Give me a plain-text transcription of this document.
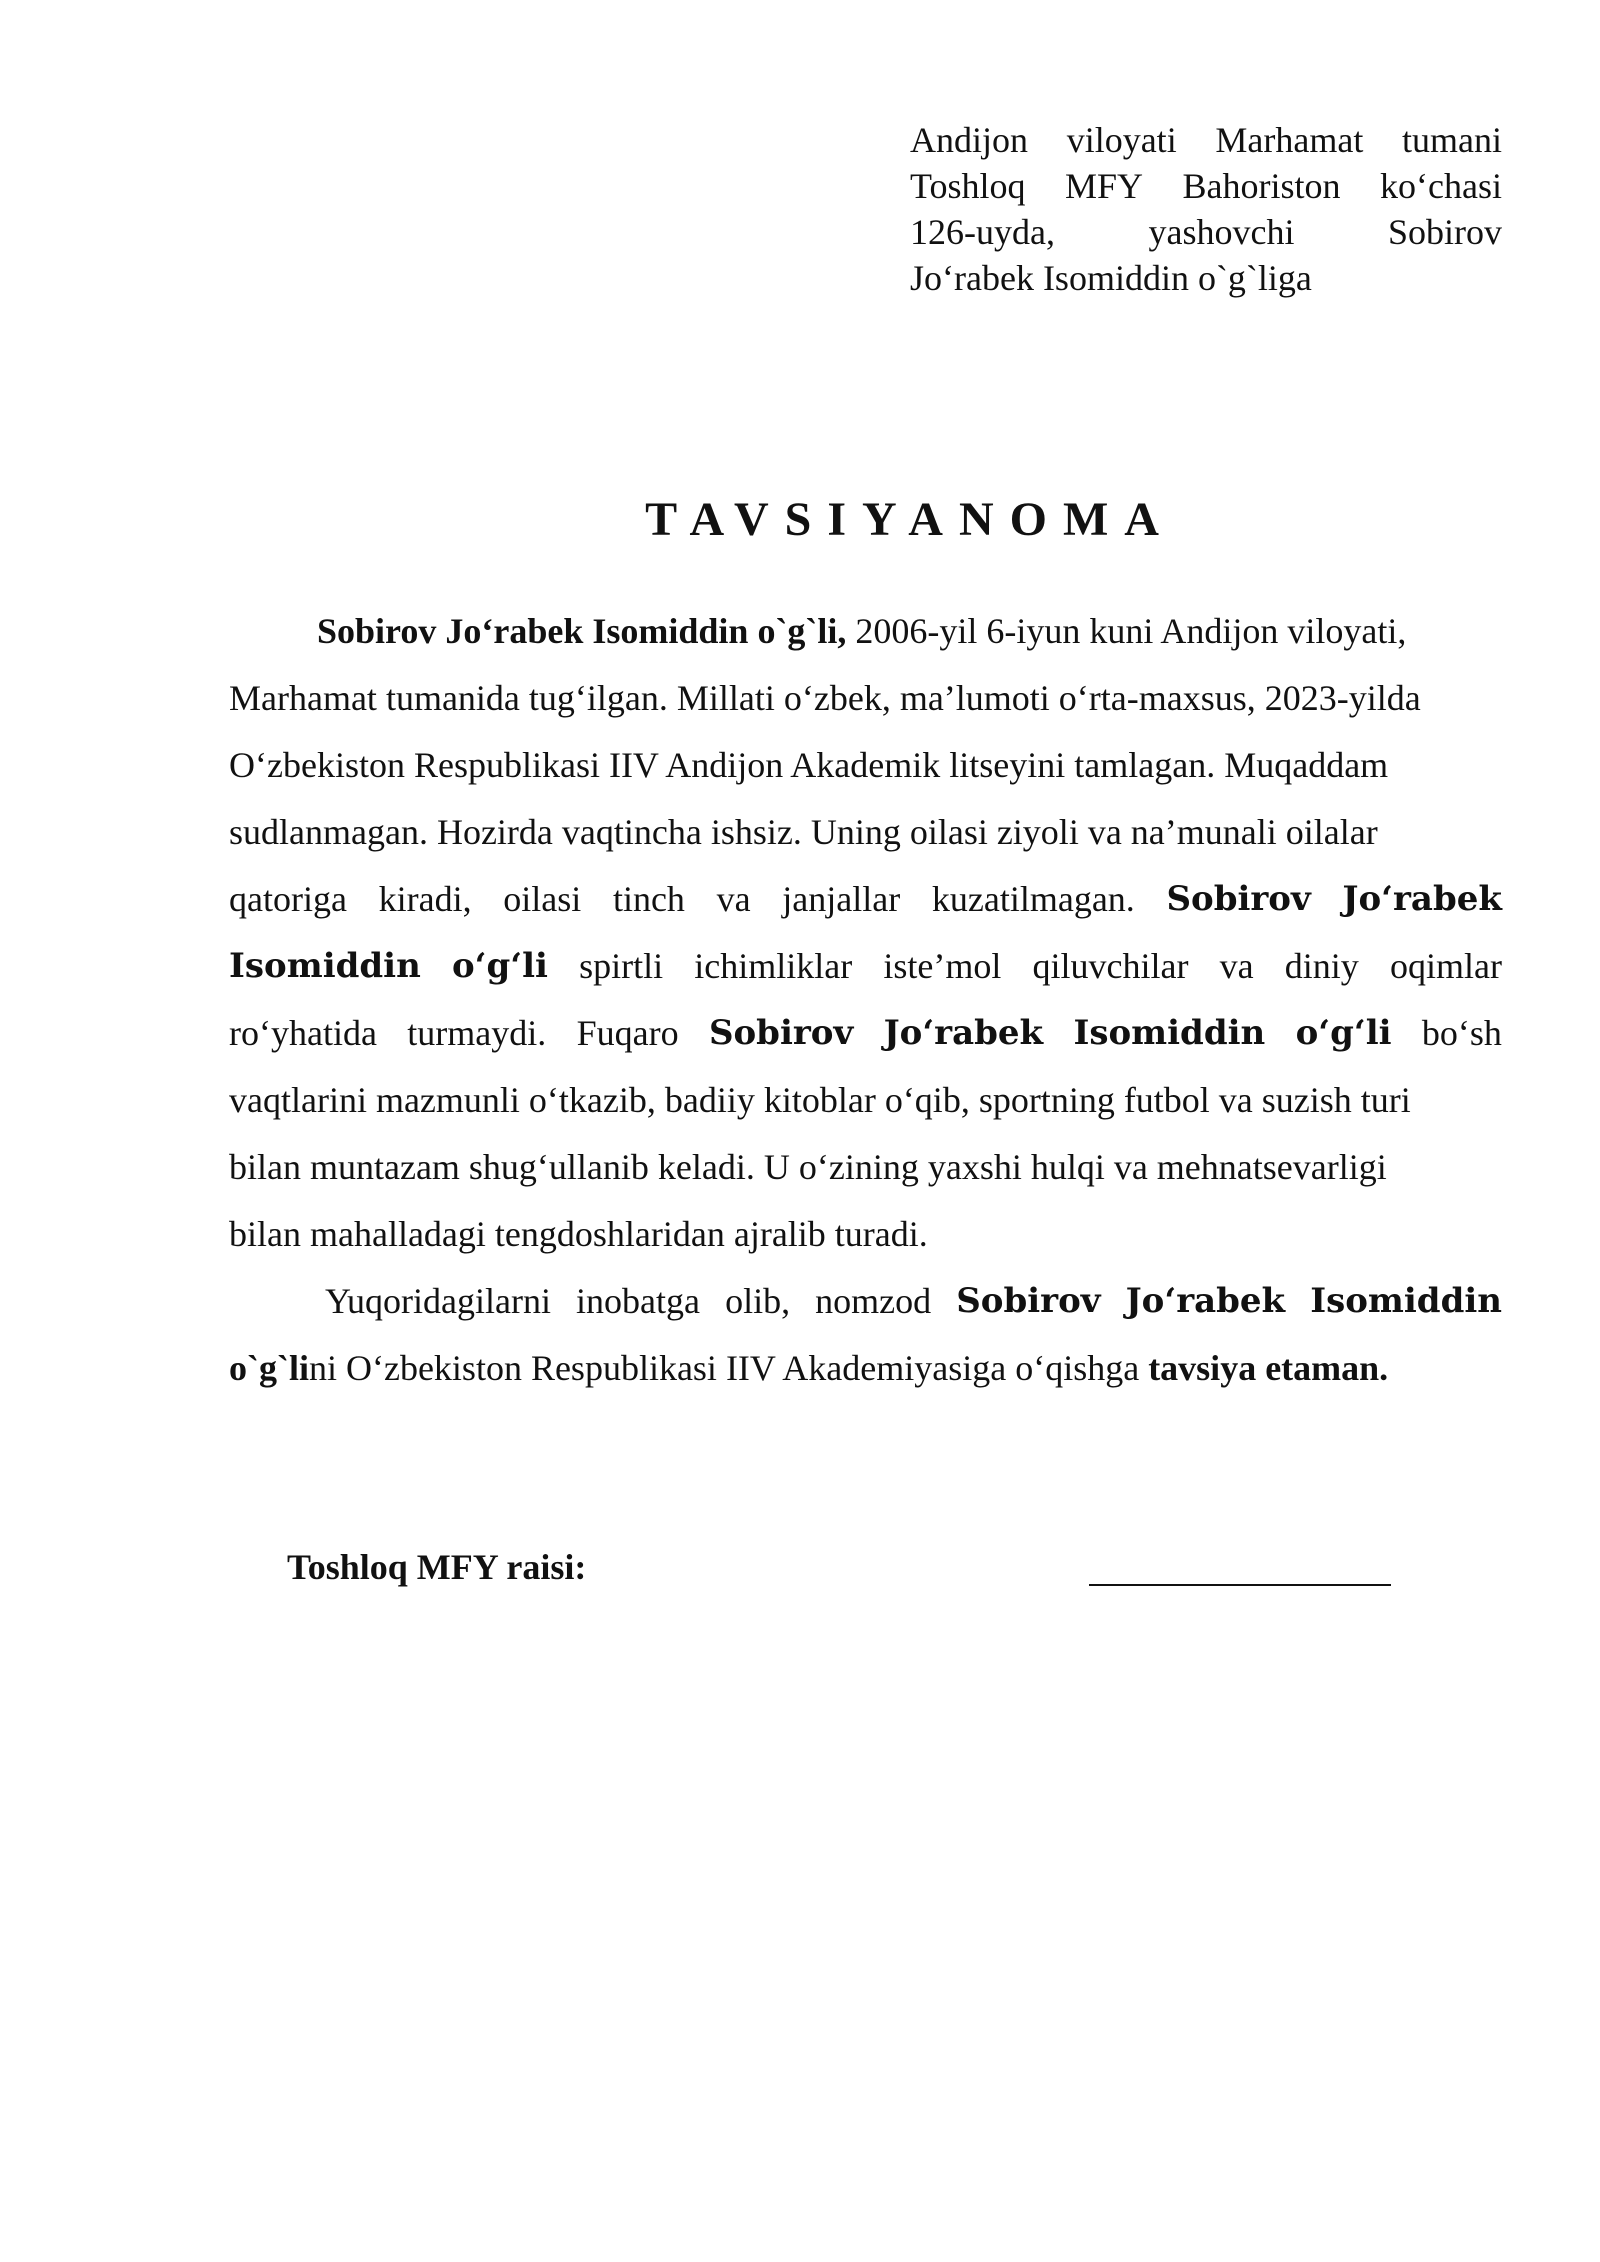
Andijon viloyati Marhamat tumani
Toshloq MFY Bahoriston ko‘chasi
126-uyda,	yashovchi	Sobirov
Jo‘rabek Isomiddin o`g`liga
TAVSIYANOMA
Sobirov Jo‘rabek Isomiddin o`g`li, 2006-yil 6-iyun kuni Andijon viloyati,
Marhamat tumanida tug‘ilgan. Millati o‘zbek, ma’lumoti o‘rta-maxsus, 2023-yilda
O‘zbekiston Respublikasi IIV Andijon Akademik litseyini tamlagan. Muqaddam
sudlanmagan. Hozirda vaqtincha ishsiz. Uning oilasi ziyoli va na’munali oilalar
qatoriga kiradi, oilasi tinch va janjallar kuzatilmagan. Sobirov Jo‘rabek
Isomiddin o‘g‘li spirtli ichimliklar iste’mol qiluvchilar va diniy oqimlar
ro‘yhatida turmaydi. Fuqaro Sobirov Jo‘rabek Isomiddin o‘g‘li bo‘sh
vaqtlarini mazmunli o‘tkazib, badiiy kitoblar o‘qib, sportning futbol va suzish turi
bilan muntazam shug‘ullanib keladi. U o‘zining yaxshi hulqi va mehnatsevarligi
bilan mahalladagi tengdoshlaridan ajralib turadi.
Yuqoridagilarni inobatga olib, nomzod Sobirov Jo‘rabek Isomiddin
o`g`lini O‘zbekiston Respublikasi IIV Akademiyasiga o‘qishga tavsiya etaman.
Toshloq MFY raisi:
